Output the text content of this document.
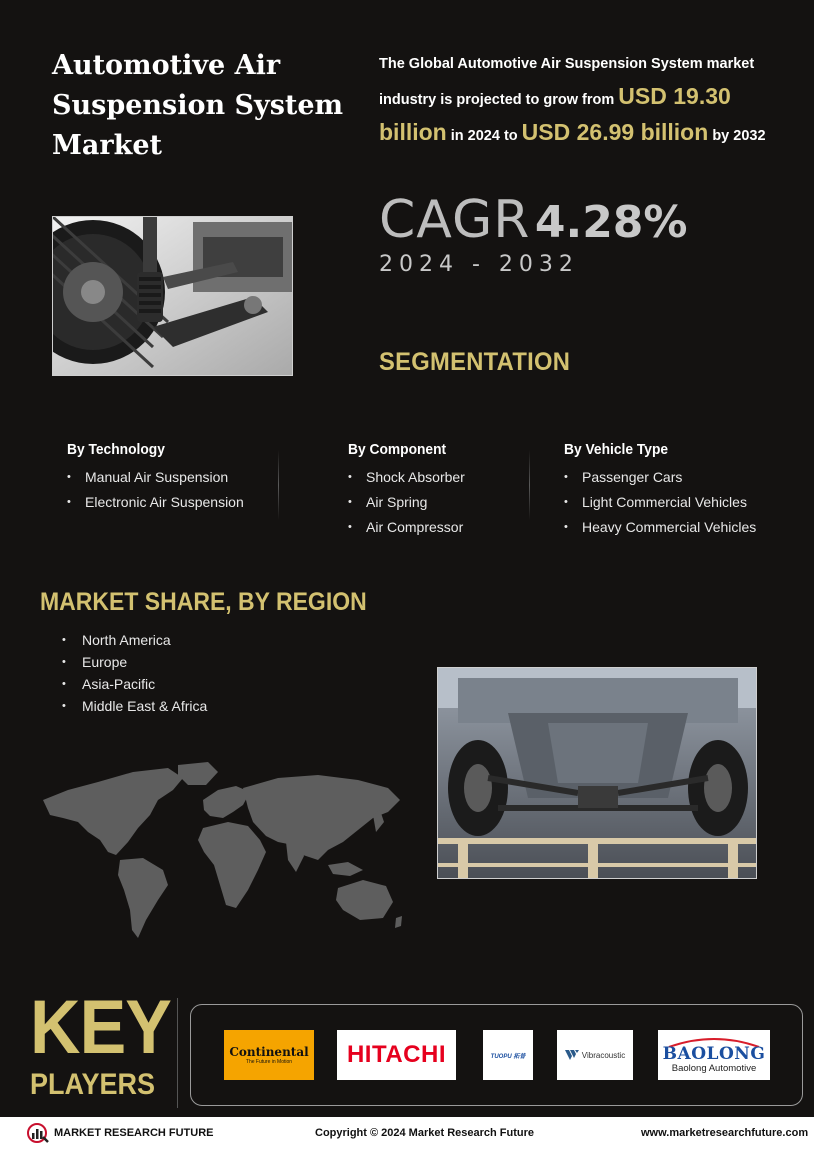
Automotive Air
Suspension System
Market
The Global Automotive Air Suspension System market industry is projected to grow from USD 19.30 billion in 2024 to USD 26.99 billion by 2032
CAGR 4.28%
2024 - 2032
SEGMENTATION
By Technology
• Manual Air Suspension
• Electronic Air Suspension
By Component
• Shock Absorber
• Air Spring
• Air Compressor
By Vehicle Type
• Passenger Cars
• Light Commercial Vehicles
• Heavy Commercial Vehicles
MARKET SHARE, BY REGION
• North America
• Europe
• Asia-Pacific
• Middle East & Africa
KEY
PLAYERS
Continental
The Future in Motion	HITACHI	TUOPU 拓普	Vibracoustic BAOLONG
Baolong Automotive
MARKET RESEARCH FUTURE	Copyright © 2024 Market Research Future	www.marketresearchfuture.com
